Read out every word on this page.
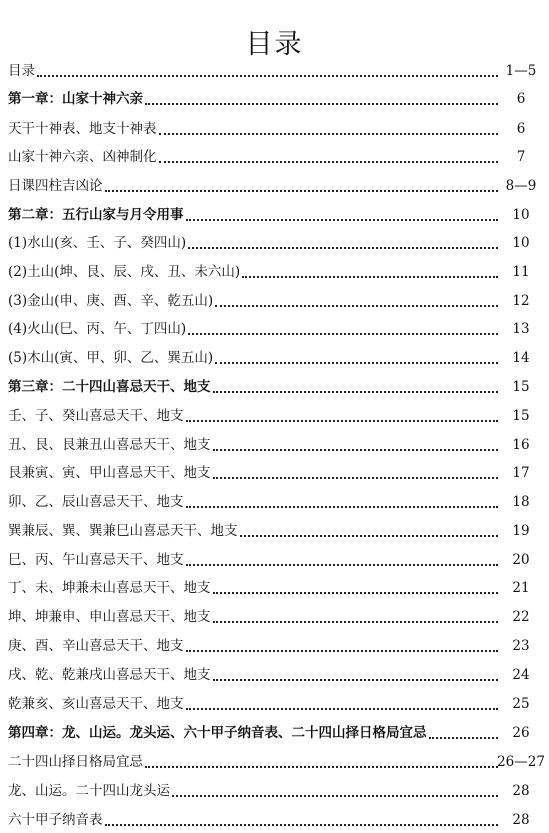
目录
目录	1—5
第一章：山家十神六亲	6
天干十神表、地支十神表	6
山家十神六亲、凶神制化	7
日课四柱吉凶论	8—9
第二章：五行山家与月令用事	10
(1)水山(亥、壬、子、癸四山)	10
(2)土山(坤、艮、辰、戌、丑、未六山)	11
(3)金山(申、庚、酉、辛、乾五山)	12
(4)火山(巳、丙、午、丁四山)	13
(5)木山(寅、甲、卯、乙、巽五山)	14
第三章：二十四山喜忌天干、地支	15
壬、子、癸山喜忌天干、地支	15
丑、艮、艮兼丑山喜忌天干、地支	16
艮兼寅、寅、甲山喜忌天干、地支	17
卯、乙、辰山喜忌天干、地支	18
巽兼辰、巽、巽兼巳山喜忌天干、地支	19
巳、丙、午山喜忌天干、地支	20
丁、未、坤兼未山喜忌天干、地支	21
坤、坤兼申、申山喜忌天干、地支	22
庚、酉、辛山喜忌天干、地支	23
戌、乾、乾兼戌山喜忌天干、地支	24
乾兼亥、亥山喜忌天干、地支	25
第四章：龙、山运。龙头运、六十甲子纳音表、二十四山择日格局宜忌	26
二十四山择日格局宜忌	26—27
龙、山运。二十四山龙头运	28
六十甲子纳音表	28
